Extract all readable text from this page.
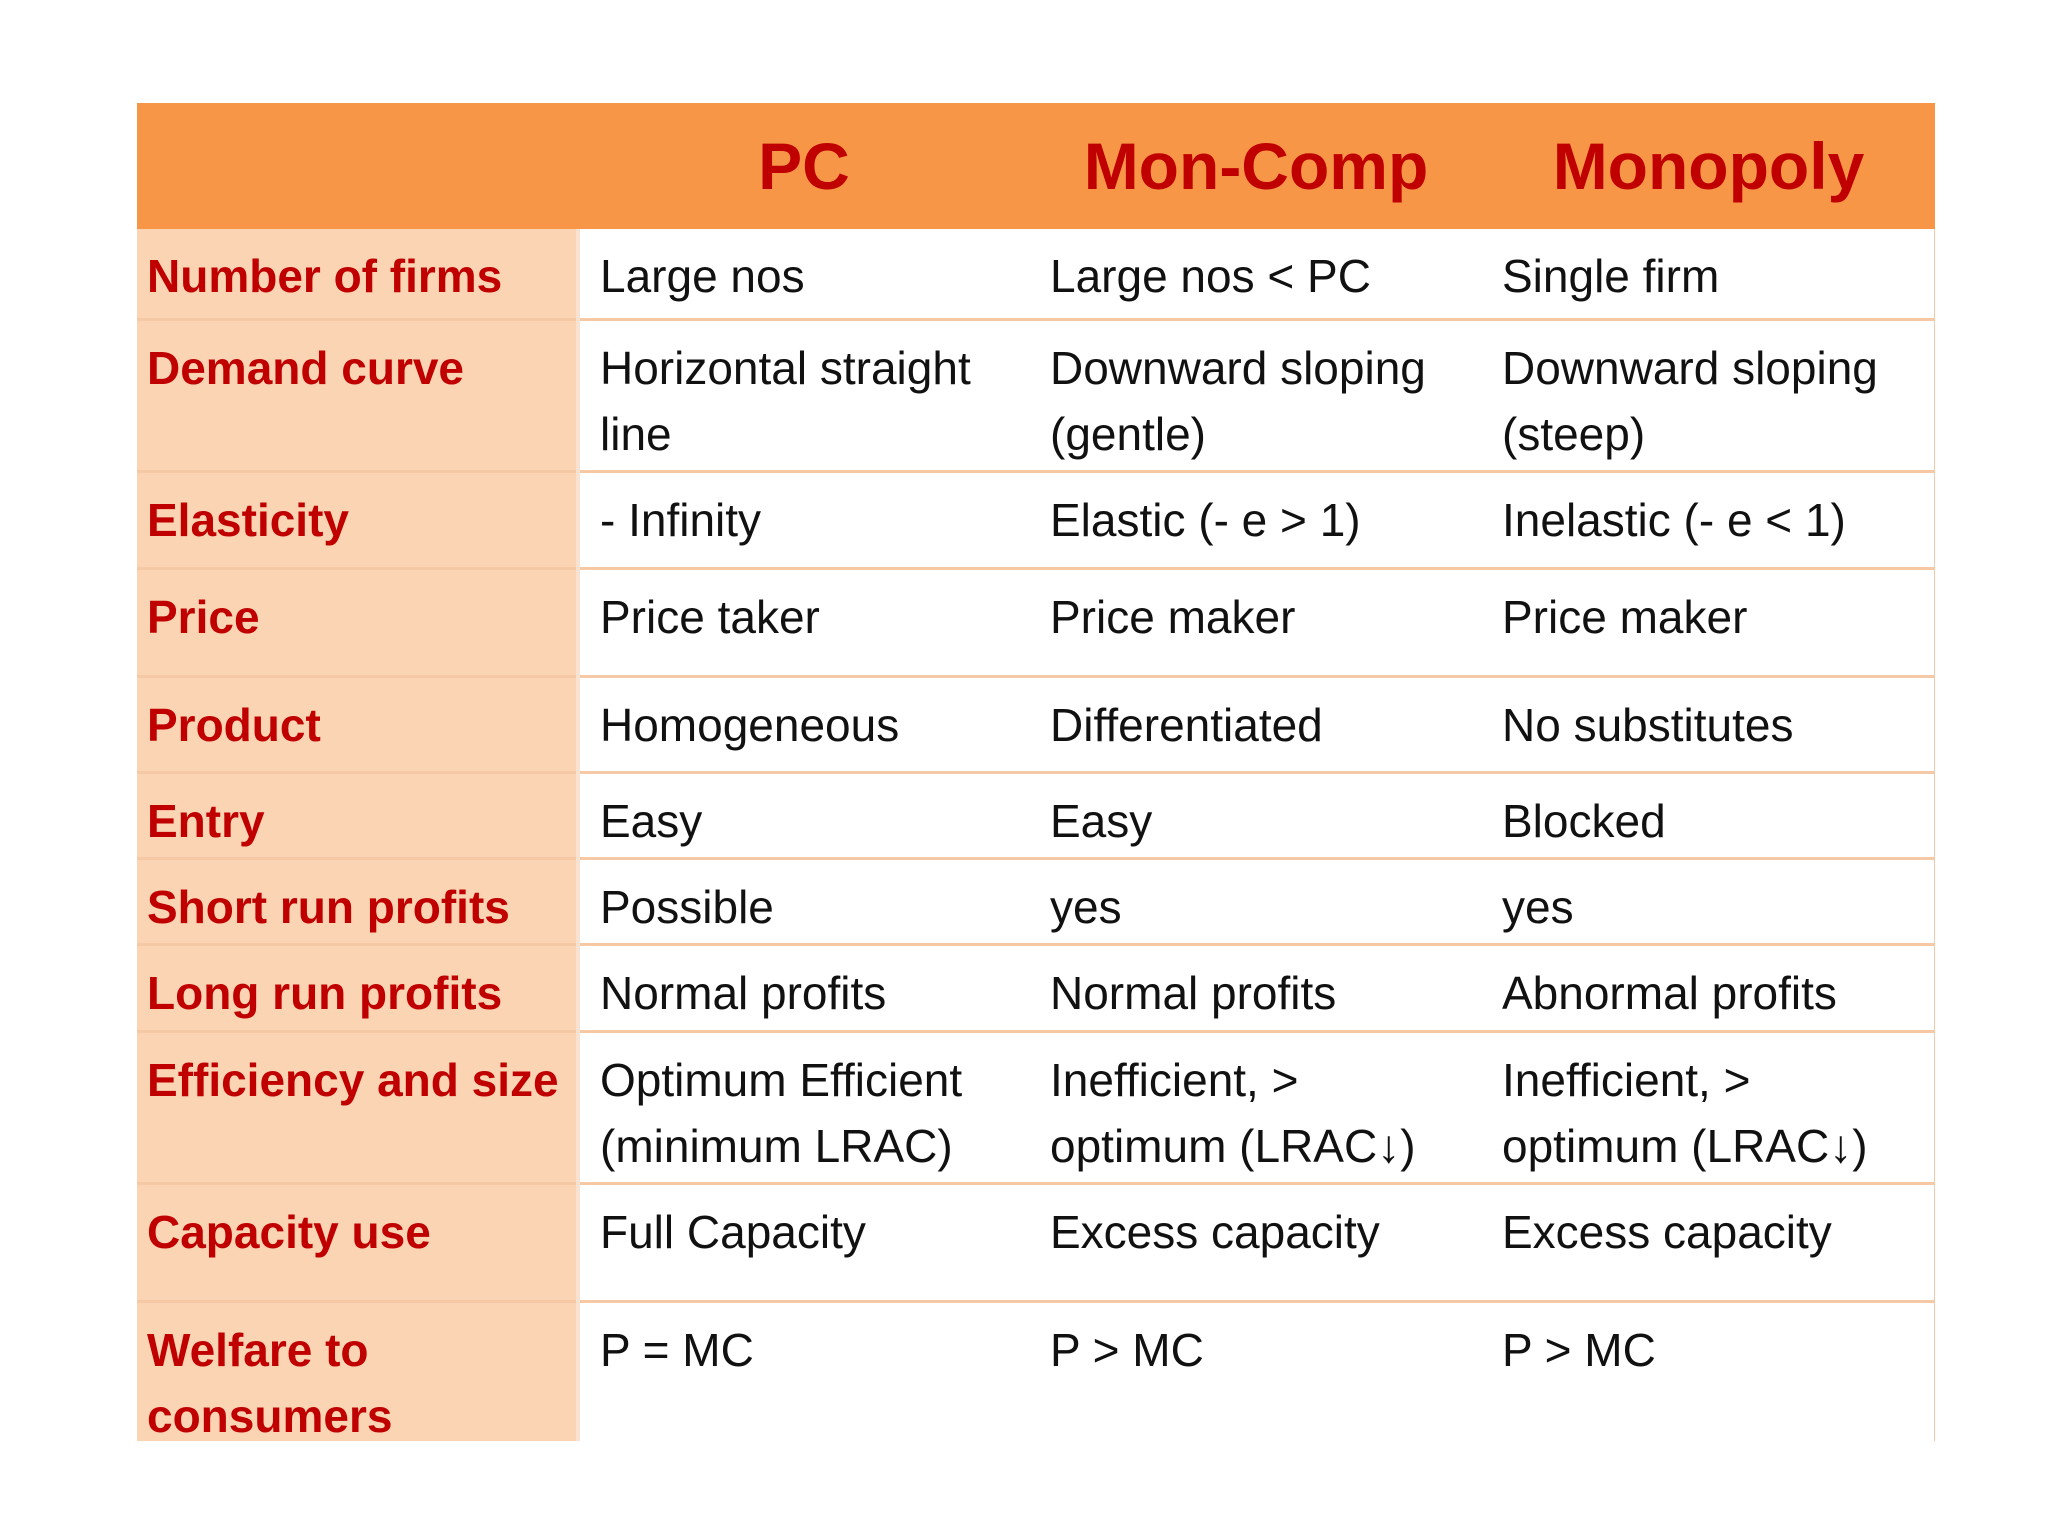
	PC	Mon-Comp	Monopoly
Number of firms	Large nos	Large nos < PC	Single firm
Demand curve	Horizontal straight line	Downward sloping (gentle)	Downward sloping (steep)
Elasticity	- Infinity	Elastic (- e > 1)	Inelastic (- e < 1)
Price	Price taker	Price maker	Price maker
Product	Homogeneous	Differentiated	No substitutes
Entry	Easy	Easy	Blocked
Short run profits	Possible	yes	yes
Long run profits	Normal profits	Normal profits	Abnormal profits
Efficiency and size	Optimum Efficient (minimum LRAC)	Inefficient, > optimum (LRAC↓)	Inefficient, > optimum (LRAC↓)
Capacity use	Full Capacity	Excess capacity	Excess capacity
Welfare to consumers	P = MC	P > MC	P > MC
